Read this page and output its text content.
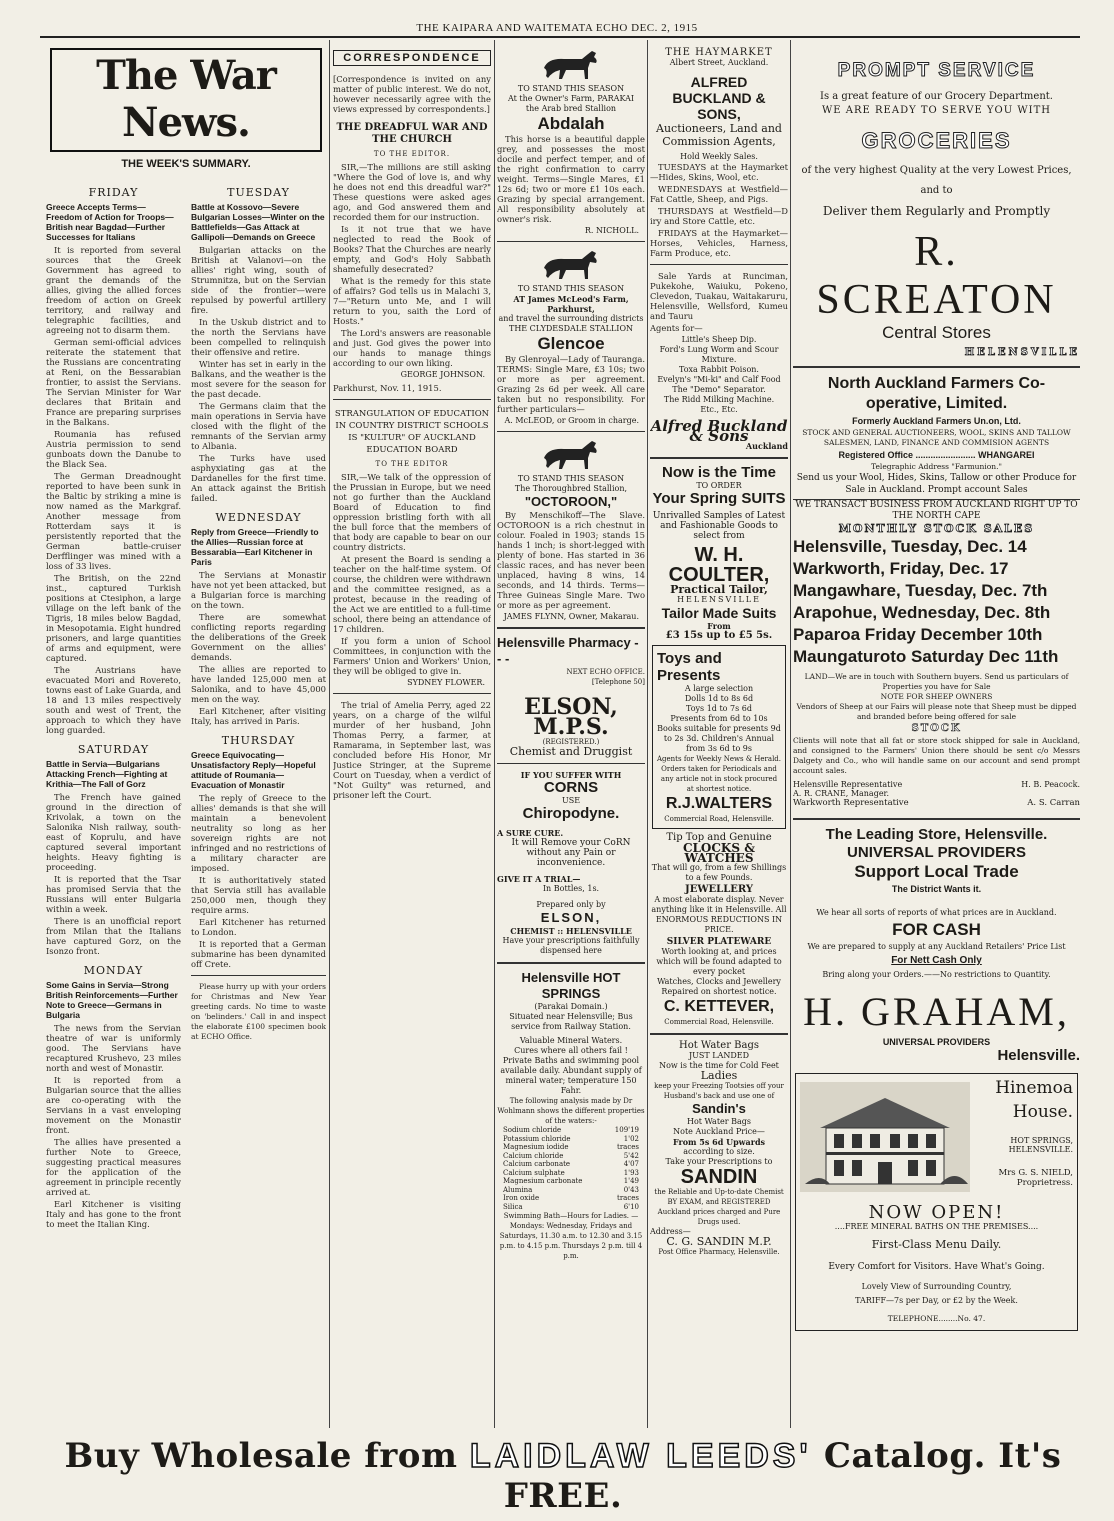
THE KAIPARA AND WAITEMATA ECHO DEC. 2, 1915
The War News.
THE WEEK'S SUMMARY.
FRIDAY
Greece Accepts Terms—Freedom of Action for Troops—British near Bagdad—Further Successes for Italians

It is reported from several sources that the Greek Government has agreed to grant the demands of the allies, giving the allied forces freedom of action on Greek territory, and railway and telegraphic facilities, and agreeing not to disarm them.

German semi-official advices reiterate the statement that the Russians are concentrating at Reni, on the Bessarabian frontier, to assist the Servians. The Servian Minister for War declares that Britain and France are preparing surprises in the Balkans.

Roumania has refused Austria permission to send gunboats down the Danube to the Black Sea.

The German Dreadnought reported to have been sunk in the Baltic by striking a mine is now named as the Markgraf. Another message from Rotterdam says it is persistently reported that the German battle-cruiser Derfflinger was mined with a loss of 33 lives.

The British, on the 22nd inst., captured Turkish positions at Ctesiphon, a large village on the left bank of the Tigris, 18 miles below Bagdad, in Mesopotamia. Eight hundred prisoners, and large quantities of arms and equipment, were captured.

The Austrians have evacuated Mori and Rovereto, towns east of Lake Guarda, and 18 and 13 miles respectively south and west of Trent, the approach to which they have long guarded.

SATURDAY
Battle in Servia—Bulgarians Attacking French—Fighting at Krithia—The Fall of Gorz

The French have gained ground in the direction of Krivolak, a town on the Salonika Nish railway, south-east of Koprulu, and have captured several important heights. Heavy fighting is proceeding.

It is reported that the Tsar has promised Servia that the Russians will enter Bulgaria within a week.

There is an unofficial report from Milan that the Italians have captured Gorz, on the Isonzo front.

MONDAY
Some Gains in Servia—Strong British Reinforcements—Further Note to Greece—Germans in Bulgaria

The news from the Servian theatre of war is uniformly good. The Servians have recaptured Krushevo, 23 miles north and west of Monastir.

It is reported from a Bulgarian source that the allies are co-operating with the Servians in a vast enveloping movement on the Monastir front.

The allies have presented a further Note to Greece, suggesting practical measures for the application of the agreement in principle recently arrived at.

Earl Kitchener is visiting Italy and has gone to the front to meet the Italian King.

TUESDAY
Battle at Kossovo—Severe Bulgarian Losses—Winter on the Battlefields—Gas Attack at Gallipoli—Demands on Greece

Bulgarian attacks on the British at Valanovi—on the allies' right wing, south of Strumnitza, but on the Servian side of the frontier—were repulsed by powerful artillery fire.

In the Uskub district and to the north the Servians have been compelled to relinquish their offensive and retire.

Winter has set in early in the Balkans, and the weather is the most severe for the season for the past decade.

The Germans claim that the main operations in Servia have closed with the flight of the remnants of the Servian army to Albania.

The Turks have used asphyxiating gas at the Dardanelles for the first time. An attack against the British failed.

WEDNESDAY
Reply from Greece—Friendly to the Allies—Russian force at Bessarabia—Earl Kitchener in Paris

The Servians at Monastir have not yet been attacked, but a Bulgarian force is marching on the town.

There are somewhat conflicting reports regarding the deliberations of the Greek Government on the allies' demands.

The allies are reported to have landed 125,000 men at Salonika, and to have 45,000 men on the way.

Earl Kitchener, after visiting Italy, has arrived in Paris.

THURSDAY
Greece Equivocating—Unsatisfactory Reply—Hopeful attitude of Roumania—Evacuation of Monastir

The reply of Greece to the allies' demands is that she will maintain a benevolent neutrality so long as her sovereign rights are not infringed and no restrictions of a military character are imposed.

It is authoritatively stated that Servia still has available 250,000 men, though they require arms.

Earl Kitchener has returned to London.

It is reported that a German submarine has been dynamited off Crete.

Please hurry up with your orders for Christmas and New Year greeting cards. No time to waste on 'belinders.' Call in and inspect the elaborate £100 specimen book at ECHO Office.

CORRESPONDENCE

[Correspondence is invited on any matter of public interest. We do not, however necessarily agree with the views expressed by correspondents.]

THE DREADFUL WAR AND THE CHURCH
TO THE EDITOR.

SIR,—The millions are still asking "Where the God of love is, and why he does not end this dreadful war?" These questions were asked ages ago, and God answered them and recorded them for our instruction.

Is it not true that we have neglected to read the Book of Books? That the Churches are nearly empty, and God's Holy Sabbath shamefully desecrated?

What is the remedy for this state of affairs? God tells us in Malachi 3, 7—"Return unto Me, and I will return to you, saith the Lord of Hosts."

The Lord's answers are reasonable and just. God gives the power into our hands to manage things according to our own liking.

GEORGE JOHNSON.
Parkhurst, Nov. 11, 1915.
STRANGULATION OF EDUCATION IN COUNTRY DISTRICT SCHOOLS IS "KULTUR" OF AUCKLAND EDUCATION BOARD
TO THE EDITOR

SIR,—We talk of the oppression of the Prussian in Europe, but we need not go further than the Auckland Board of Education to find oppression bristling forth with all the bull force that the members of that body are capable to bear on our country districts.

At present the Board is sending a teacher on the half-time system. Of course, the children were withdrawn and the committee resigned, as a protest, because in the reading of the Act we are entitled to a full-time school, there being an attendance of 17 children.

If you form a union of School Committees, in conjunction with the Farmers' Union and Workers' Union, they will be obliged to give in.

SYDNEY FLOWER.

The trial of Amelia Perry, aged 22 years, on a charge of the wilful murder of her husband, John Thomas Perry, a farmer, at Ramarama, in September last, was concluded before His Honor, Mr Justice Stringer, at the Supreme Court on Tuesday, when a verdict of "Not Guilty" was returned, and prisoner left the Court.

TO STAND THIS SEASON
At the Owner's Farm, PARAKAI
the Arab bred Stallion
Abdalah

This horse is a beautiful dapple grey, and possesses the most docile and perfect temper, and of the right confirmation to carry weight. Terms—Single Mares, £1 12s 6d; two or more £1 10s each. Grazing by special arrangement. All responsibility absolutely at owner's risk.

R. NICHOLL.
TO STAND THIS SEASON
AT James McLeod's Farm, Parkhurst,
and travel the surrounding districts THE CLYDESDALE STALLION
Glencoe

By Glenroyal—Lady of Tauranga. TERMS: Single Mare, £3 10s; two or more as per agreement. Grazing 2s 6d per week. All care taken but no responsibility. For further particulars—

A. McLEOD, or Groom in charge.
TO STAND THIS SEASON
The Thoroughbred Stallion,
"OCTOROON,"

By Menschikoff—The Slave. OCTOROON is a rich chestnut in colour. Foaled in 1903; stands 15 hands 1 inch; is short-legged with plenty of bone. Has started in 36 classic races, and has never been unplaced, having 8 wins, 14 seconds, and 14 thirds. Terms—Three Guineas Single Mare. Two or more as per agreement.

JAMES FLYNN, Owner, Makarau.
Helensville Pharmacy - - -
NEXT ECHO OFFICE.
[Telephone 50]
ELSON, M.P.S.
(REGISTERED.)
Chemist and Druggist
IF YOU SUFFER WITH
CORNS
USE
Chiropodyne.
A SURE CURE.
It will Remove your CoRN without any Pain or inconvenience.
GIVE IT A TRIAL—
In Bottles, 1s.
Prepared only by
ELSON,
CHEMIST :: HELENSVILLE
Have your prescriptions faithfully dispensed here
Helensville HOT SPRINGS
(Parakai Domain.)
Situated near Helensville; Bus service from Railway Station.
Valuable Mineral Waters.
Cures where all others fail !
Private Baths and swimming pool available daily. Abundant supply of mineral water; temperature 150 Fahr.
The following analysis made by Dr Wohlmann shows the different properties of the waters:-
Sodium chloride	109'19
Potassium chloride	1'02
Magnesium iodide	traces
Calcium chloride	5'42
Calcium carbonate	4'07
Calcium sulphate	1'93
Magnesium carbonate	1'49
Alumina	0'43
Iron oxide	traces
Silica	6'10
Swimming Bath—Hours for Ladies. —Mondays: Wednesday, Fridays and Saturdays, 11.30 a.m. to 12.30 and 3.15 p.m. to 4.15 p.m. Thursdays 2 p.m. till 4 p.m.
THE HAYMARKET
Albert Street, Auckland.
ALFRED BUCKLAND & SONS,
Auctioneers, Land and Commission Agents,
Hold Weekly Sales.

TUESDAYS at the Haymarket—Hides, Skins, Wool, etc.

WEDNESDAYS at Westfield—Fat Cattle, Sheep, and Pigs.

THURSDAYS at Westfield—D iry and Store Cattle, etc.

FRIDAYS at the Haymarket—Horses, Vehicles, Harness, Farm Produce, etc.

Sale Yards at Runciman, Pukekohe, Waiuku, Pokeno, Clevedon, Tuakau, Waitakaruru, Helensville, Wellsford, Kumeu and Tauru

Agents for—
Little's Sheep Dip.
Ford's Lung Worm and Scour Mixture.
Toxa Rabbit Poison.
Evelyn's "Mi-ki" and Calf Food
The "Demo" Separator.
The Ridd Milking Machine.
Etc., Etc.
Alfred Buckland & Sons
Auckland
Now is the Time
TO ORDER
Your Spring SUITS
Unrivalled Samples of Latest and Fashionable Goods to select from
W. H. COULTER,
Practical Tailor,
HELENSVILLE
Tailor Made Suits
From
£3 15s up to £5 5s.
Toys and Presents
A large selection
Dolls 1d to 8s 6d
Toys 1d to 7s 6d
Presents from 6d to 10s
Books suitable for presents 9d to 2s 3d. Children's Annual from 3s 6d to 9s
Agents for Weekly News & Herald. Orders taken for Periodicals and any article not in stock procured at shortest notice.
R.J.WALTERS
Commercial Road, Helensville.
Tip Top and Genuine
CLOCKS & WATCHES
That will go, from a few Shillings to a few Pounds.
JEWELLERY
A most elaborate display. Never anything like it in Helensville. All ENORMOUS REDUCTIONS IN PRICE.
SILVER PLATEWARE
Worth looking at, and prices which will be found adapted to every pocket
Watches, Clocks and Jewellery Repaired on shortest notice.
C. KETTEVER,
Commercial Road, Helensville.
Hot Water Bags
JUST LANDED
Now is the time for Cold Feet
Ladies
keep your Freezing Tootsies off your Husband's back and use one of
Sandin's
Hot Water Bags
Note Auckland Price—
From 5s 6d Upwards
according to size.
Take your Prescriptions to
SANDIN
the Reliable and Up-to-date Chemist BY EXAM, and REGISTERED
Auckland prices charged and Pure Drugs used.
Address—
C. G. SANDIN M.P.
Post Office Pharmacy, Helensville.
PROMPT SERVICE
Is a great feature of our Grocery Department.
WE ARE READY TO SERVE YOU WITH
GROCERIES
of the very highest Quality at the very Lowest Prices,
and to
Deliver them Regularly and Promptly
R. SCREATON
Central Stores
HELENSVILLE
North Auckland Farmers Co-operative, Limited.
Formerly Auckland Farmers Un.on, Ltd.
STOCK AND GENERAL AUCTIONEERS, WOOL, SKINS AND TALLOW SALESMEN, LAND, FINANCE AND COMMISION AGENTS
Registered Office ........................ WHANGAREI
Telegraphic Address "Farmunion."
Send us your Wool, Hides, Skins, Tallow or other Produce for Sale in Auckland. Prompt account Sales
WE TRANSACT BUSINESS FROM AUCKLAND RIGHT UP TO THE NORTH CAPE
MONTHLY STOCK SALES
Helensville, Tuesday, Dec. 14
Warkworth, Friday, Dec. 17
Mangawhare, Tuesday, Dec. 7th
Arapohue, Wednesday, Dec. 8th
Paparoa Friday December 10th
Maungaturoto Saturday Dec 11th
LAND—We are in touch with Southern buyers. Send us particulars of Properties you have for Sale
NOTE FOR SHEEP OWNERS
Vendors of Sheep at our Fairs will please note that Sheep must be dipped and branded before being offered for sale
STOCK
Clients will note that all fat or store stock shipped for sale in Auckland, and consigned to the Farmers' Union there should be sent c/o Messrs Dalgety and Co., who will handle same on our account and send prompt account sales.
Helensville Representative	H. B. Peacock.
A. R. CRANE, Manager.
Warkworth Representative	A. S. Carran
The Leading Store, Helensville.
UNIVERSAL PROVIDERS
Support Local Trade
The District Wants it.
We hear all sorts of reports of what prices are in Auckland.
FOR CASH
We are prepared to supply at any Auckland Retailers' Price List
For Nett Cash Only
Bring along your Orders.——No restrictions to Quantity.
H. GRAHAM,
UNIVERSAL PROVIDERS
Helensville.
Hinemoa
House.
HOT SPRINGS, HELENSVILLE.
Mrs G. S. NIELD, Proprietress.
NOW OPEN!
....FREE MINERAL BATHS ON THE PREMISES....
First-Class Menu Daily.
Every Comfort for Visitors. Have What's Going.
Lovely View of Surrounding Country,
TARIFF—7s per Day, or £2 by the Week.
TELEPHONE........No. 47.
Buy Wholesale from LAIDLAW LEEDS' Catalog. It's FREE.
